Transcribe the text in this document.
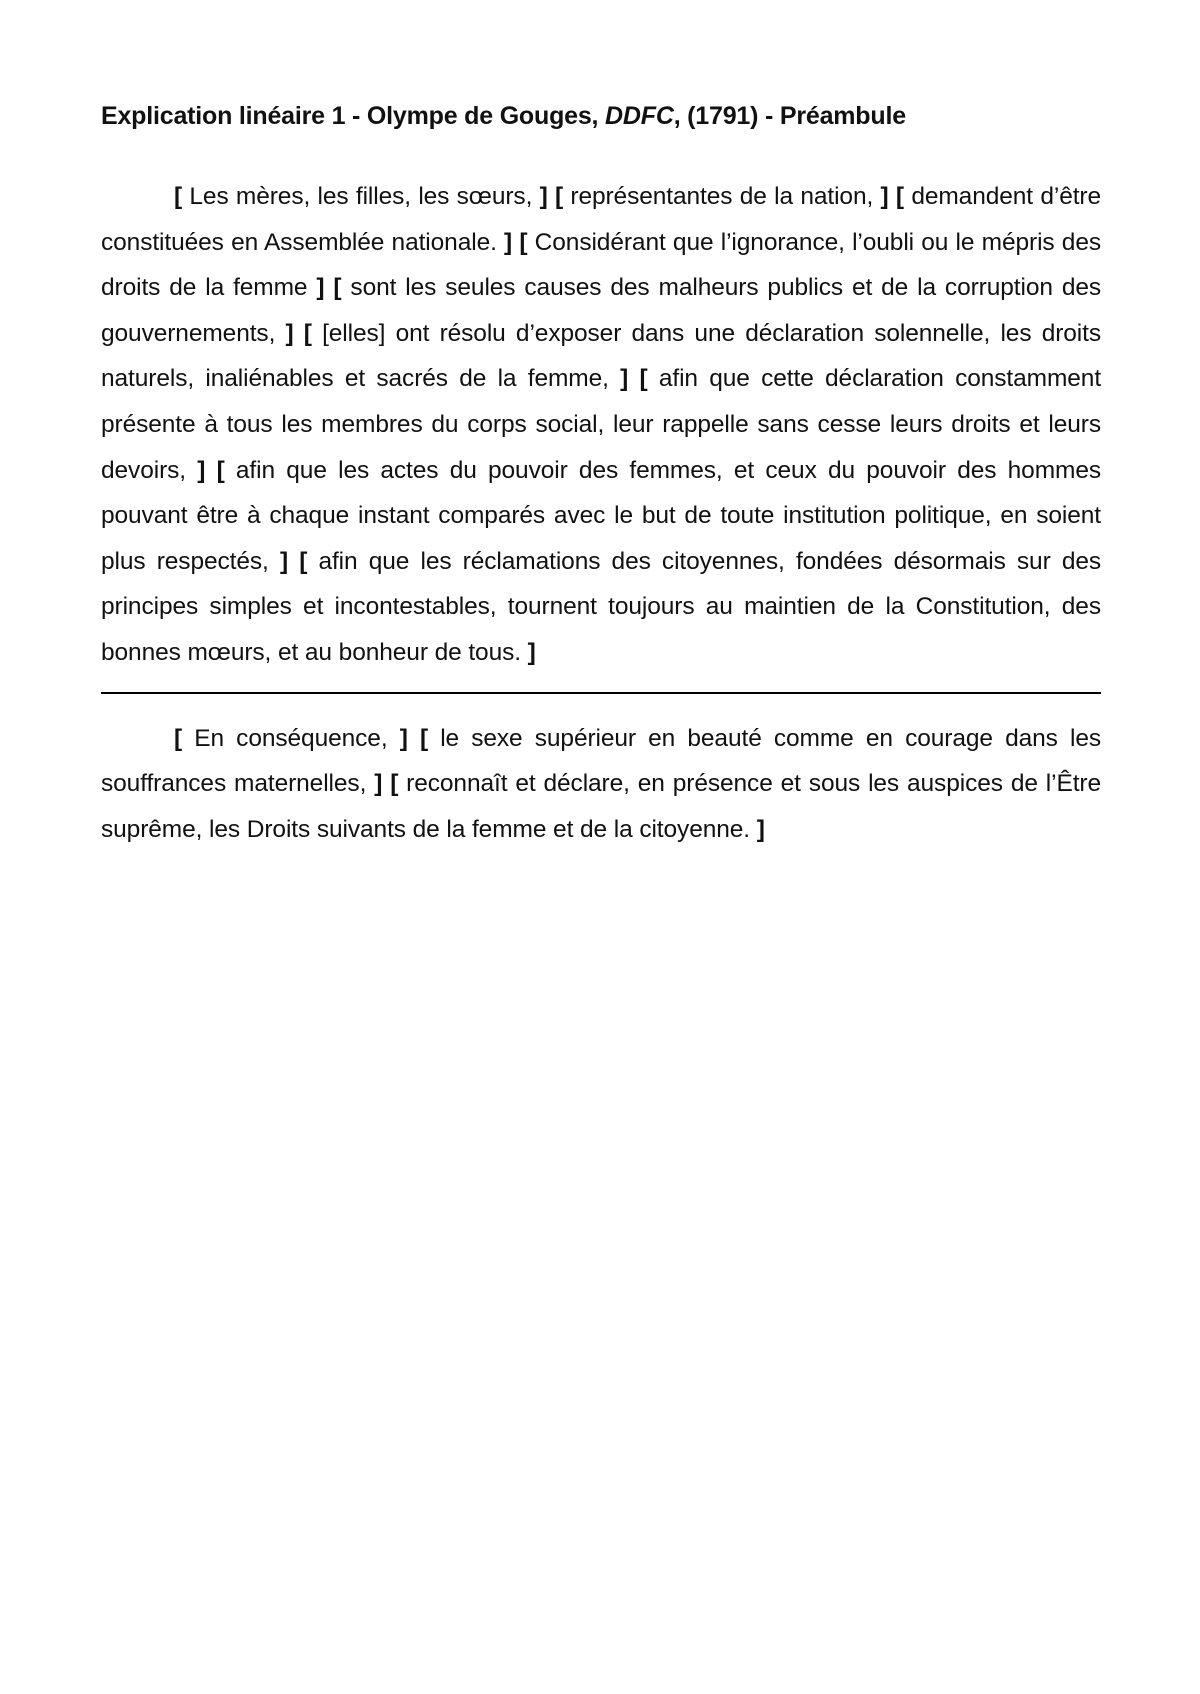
Explication linéaire 1 - Olympe de Gouges, DDFC, (1791) - Préambule

[ Les mères, les filles, les sœurs, ] [ représentantes de la nation, ] [ demandent d’être constituées en Assemblée nationale. ] [ Considérant que l’ignorance, l’oubli ou le mépris des droits de la femme ] [ sont les seules causes des malheurs publics et de la corruption des gouvernements, ] [ [elles] ont résolu d’exposer dans une déclaration solennelle, les droits naturels, inaliénables et sacrés de la femme, ] [ afin que cette déclaration constamment présente à tous les membres du corps social, leur rappelle sans cesse leurs droits et leurs devoirs, ] [ afin que les actes du pouvoir des femmes, et ceux du pouvoir des hommes pouvant être à chaque instant comparés avec le but de toute institution politique, en soient plus respectés, ] [ afin que les réclamations des citoyennes, fondées désormais sur des principes simples et incontestables, tournent toujours au maintien de la Constitution, des bonnes mœurs, et au bonheur de tous. ]

[ En conséquence, ] [ le sexe supérieur en beauté comme en courage dans les souffrances maternelles, ] [ reconnaît et déclare, en présence et sous les auspices de l’Être suprême, les Droits suivants de la femme et de la citoyenne. ]
